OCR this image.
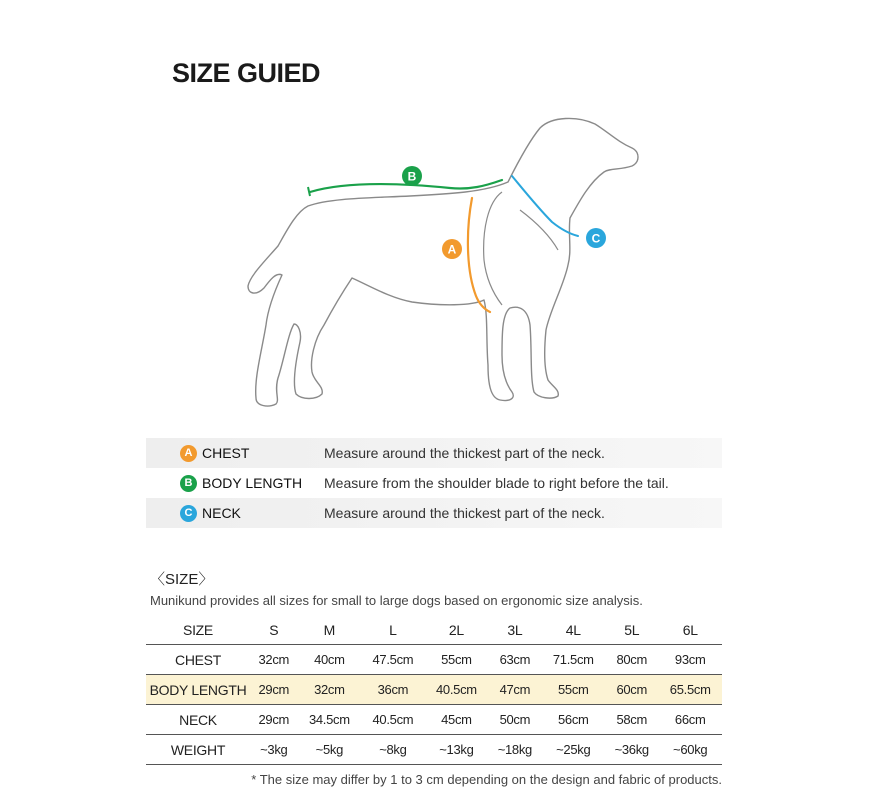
SIZE GUIED
B
A
C
A CHEST	Measure around the thickest part of the neck.
B BODY LENGTH Measure from the shoulder blade to right before the tail.
C NECK	Measure around the thickest part of the neck.
〈SIZE〉
Munikund provides all sizes for small to large dogs based on ergonomic size analysis.
SIZE	S	M	L	2L	3L	4L	5L	6L
CHEST	32cm	40cm	47.5cm	55cm	63cm	71.5cm	80cm	93cm
BODY LENGTH	29cm	32cm	36cm	40.5cm	47cm	55cm	60cm	65.5cm
NECK	29cm	34.5cm	40.5cm	45cm	50cm	56cm	58cm	66cm
WEIGHT	~3kg	~5kg	~8kg	~13kg	~18kg	~25kg	~36kg	~60kg
* The size may differ by 1 to 3 cm depending on the design and fabric of products.
